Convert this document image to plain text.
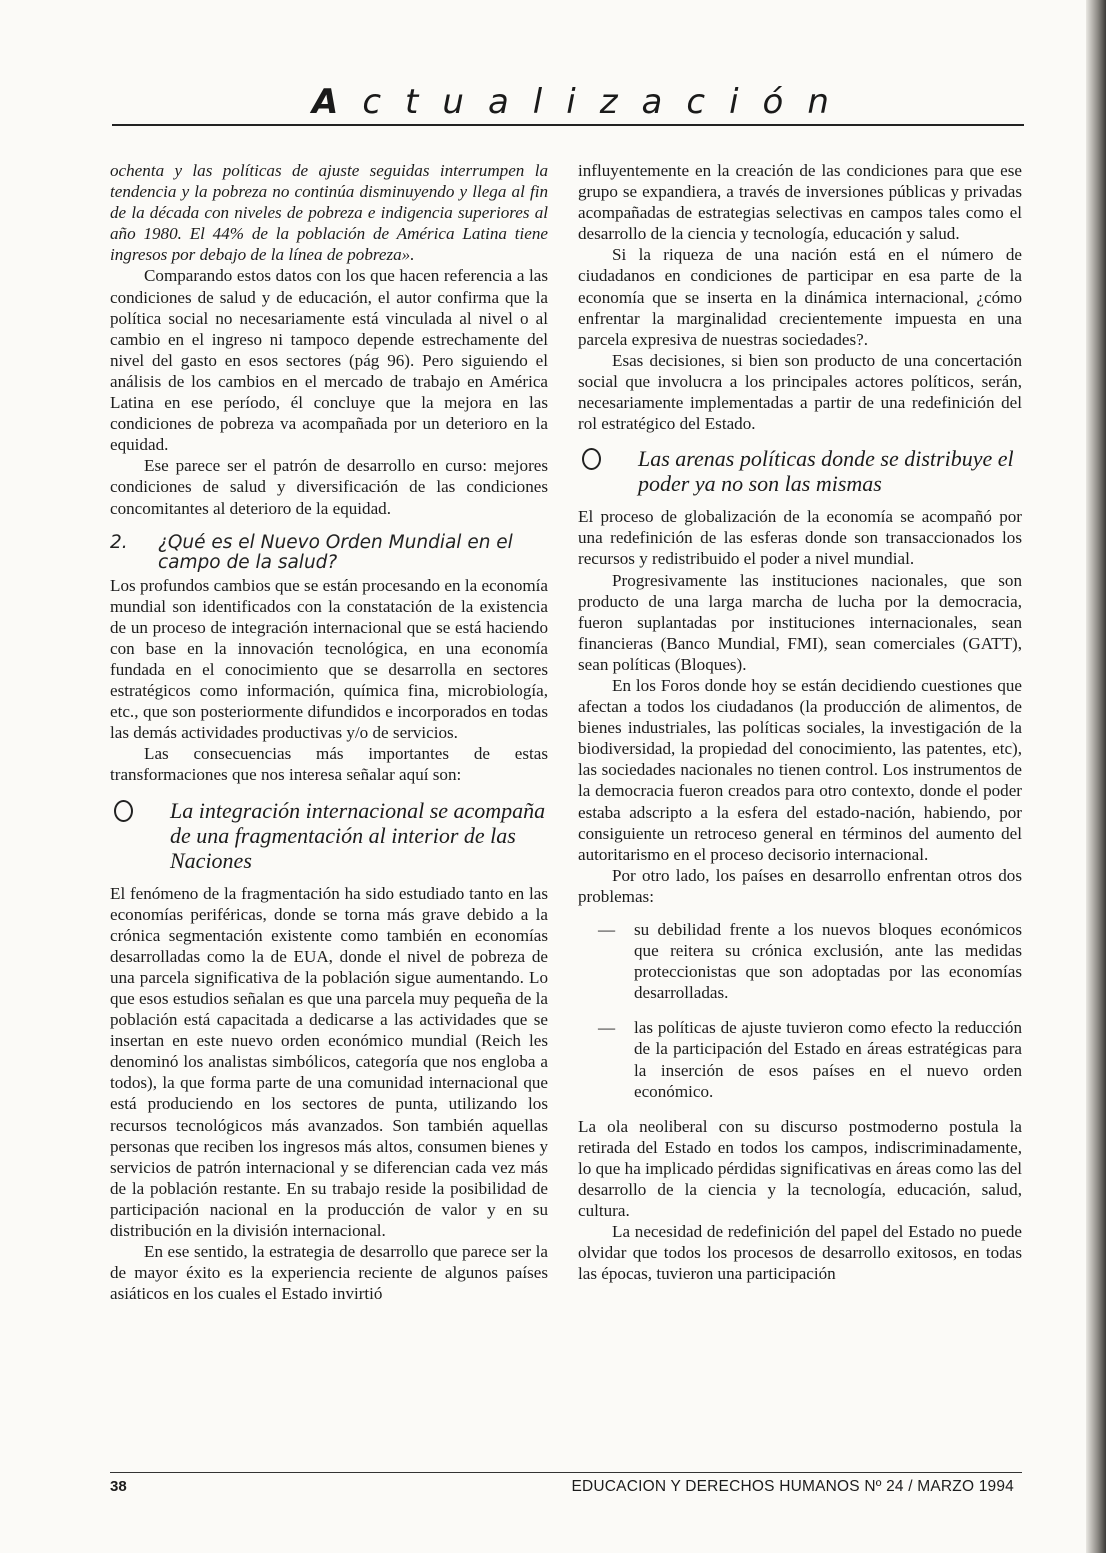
A c t u a l i z a c i ó n

ochenta y las políticas de ajuste seguidas interrumpen la tendencia y la pobreza no continúa disminuyendo y llega al fin de la década con niveles de pobreza e indigencia superiores al año 1980. El 44% de la población de América Latina tiene ingresos por debajo de la línea de pobreza».

Comparando estos datos con los que hacen referencia a las condiciones de salud y de educación, el autor confirma que la política social no necesariamente está vinculada al nivel o al cambio en el ingreso ni tampoco depende estrechamente del nivel del gasto en esos sectores (pág 96). Pero siguiendo el análisis de los cambios en el mercado de trabajo en América Latina en ese período, él concluye que la mejora en las condiciones de pobreza va acompañada por un deterioro en la equidad.

Ese parece ser el patrón de desarrollo en curso: mejores condiciones de salud y diversificación de las condiciones concomitantes al deterioro de la equidad.

2.	¿Qué es el Nuevo Orden Mundial en el campo de la salud?

Los profundos cambios que se están procesando en la economía mundial son identificados con la constatación de la existencia de un proceso de integración internacional que se está haciendo con base en la innovación tecnológica, en una economía fundada en el conocimiento que se desarrolla en sectores estratégicos como información, química fina, microbiología, etc., que son posteriormente difundidos e incorporados en todas las demás actividades productivas y/o de servicios.

Las consecuencias más importantes de estas transformaciones que nos interesa señalar aquí son:

La integración internacional se acompaña de una fragmentación al interior de las Naciones

El fenómeno de la fragmentación ha sido estudiado tanto en las economías periféricas, donde se torna más grave debido a la crónica segmentación existente como también en economías desarrolladas como la de EUA, donde el nivel de pobreza de una parcela significativa de la población sigue aumentando. Lo que esos estudios señalan es que una parcela muy pequeña de la población está capacitada a dedicarse a las actividades que se insertan en este nuevo orden económico mundial (Reich les denominó los analistas simbólicos, categoría que nos engloba a todos), la que forma parte de una comunidad internacional que está produciendo en los sectores de punta, utilizando los recursos tecnológicos más avanzados. Son también aquellas personas que reciben los ingresos más altos, consumen bienes y servicios de patrón internacional y se diferencian cada vez más de la población restante. En su trabajo reside la posibilidad de participación nacional en la producción de valor y en su distribución en la división internacional.

En ese sentido, la estrategia de desarrollo que parece ser la de mayor éxito es la experiencia reciente de algunos países asiáticos en los cuales el Estado invirtió

influyentemente en la creación de las condiciones para que ese grupo se expandiera, a través de inversiones públicas y privadas acompañadas de estrategias selectivas en campos tales como el desarrollo de la ciencia y tecnología, educación y salud.

Si la riqueza de una nación está en el número de ciudadanos en condiciones de participar en esa parte de la economía que se inserta en la dinámica internacional, ¿cómo enfrentar la marginalidad crecientemente impuesta en una parcela expresiva de nuestras sociedades?.

Esas decisiones, si bien son producto de una concertación social que involucra a los principales actores políticos, serán, necesariamente implementadas a partir de una redefinición del rol estratégico del Estado.

Las arenas políticas donde se distribuye el poder ya no son las mismas

El proceso de globalización de la economía se acompañó por una redefinición de las esferas donde son transaccionados los recursos y redistribuido el poder a nivel mundial.

Progresivamente las instituciones nacionales, que son producto de una larga marcha de lucha por la democracia, fueron suplantadas por instituciones internacionales, sean financieras (Banco Mundial, FMI), sean comerciales (GATT), sean políticas (Bloques).

En los Foros donde hoy se están decidiendo cuestiones que afectan a todos los ciudadanos (la producción de alimentos, de bienes industriales, las políticas sociales, la investigación de la biodiversidad, la propiedad del conocimiento, las patentes, etc), las sociedades nacionales no tienen control. Los instrumentos de la democracia fueron creados para otro contexto, donde el poder estaba adscripto a la esfera del estado-nación, habiendo, por consiguiente un retroceso general en términos del aumento del autoritarismo en el proceso decisorio internacional.

Por otro lado, los países en desarrollo enfrentan otros dos problemas:

—	su debilidad frente a los nuevos bloques económicos que reitera su crónica exclusión, ante las medidas proteccionistas que son adoptadas por las economías desarrolladas.
—	las políticas de ajuste tuvieron como efecto la reducción de la participación del Estado en áreas estratégicas para la inserción de esos países en el nuevo orden económico.

La ola neoliberal con su discurso postmoderno postula la retirada del Estado en todos los campos, indiscriminadamente, lo que ha implicado pérdidas significativas en áreas como las del desarrollo de la ciencia y la tecnología, educación, salud, cultura.

La necesidad de redefinición del papel del Estado no puede olvidar que todos los procesos de desarrollo exitosos, en todas las épocas, tuvieron una participación

38	EDUCACION Y DERECHOS HUMANOS Nº 24 / MARZO 1994
